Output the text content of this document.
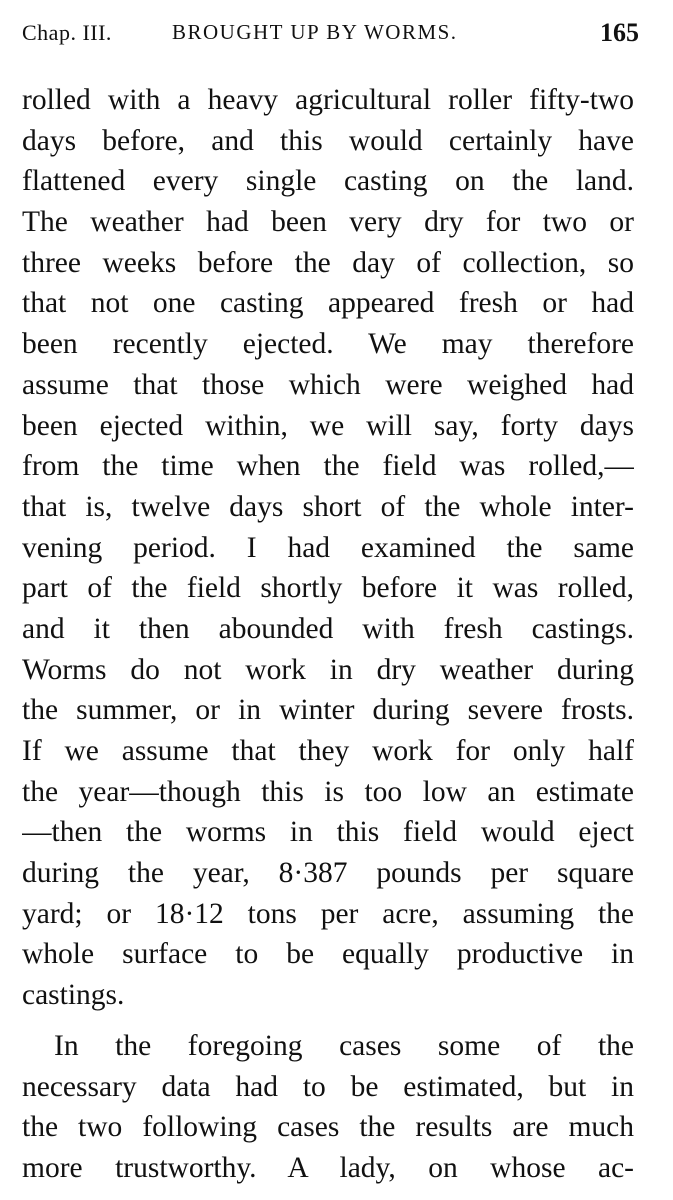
Chap. III.	BROUGHT UP BY WORMS.	165
rolled with a heavy agricultural roller fifty-two
days before, and this would certainly have
flattened every single casting on the land.
The weather had been very dry for two or
three weeks before the day of collection, so
that not one casting appeared fresh or had
been recently ejected. We may therefore
assume that those which were weighed had
been ejected within, we will say, forty days
from the time when the field was rolled,—
that is, twelve days short of the whole inter-
vening period. I had examined the same
part of the field shortly before it was rolled,
and it then abounded with fresh castings.
Worms do not work in dry weather during
the summer, or in winter during severe frosts.
If we assume that they work for only half
the year—though this is too low an estimate
—then the worms in this field would eject
during the year, 8·387 pounds per square
yard; or 18·12 tons per acre, assuming the
whole surface to be equally productive in
castings.
In the foregoing cases some of the
necessary data had to be estimated, but in
the two following cases the results are much
more trustworthy. A lady, on whose ac-
